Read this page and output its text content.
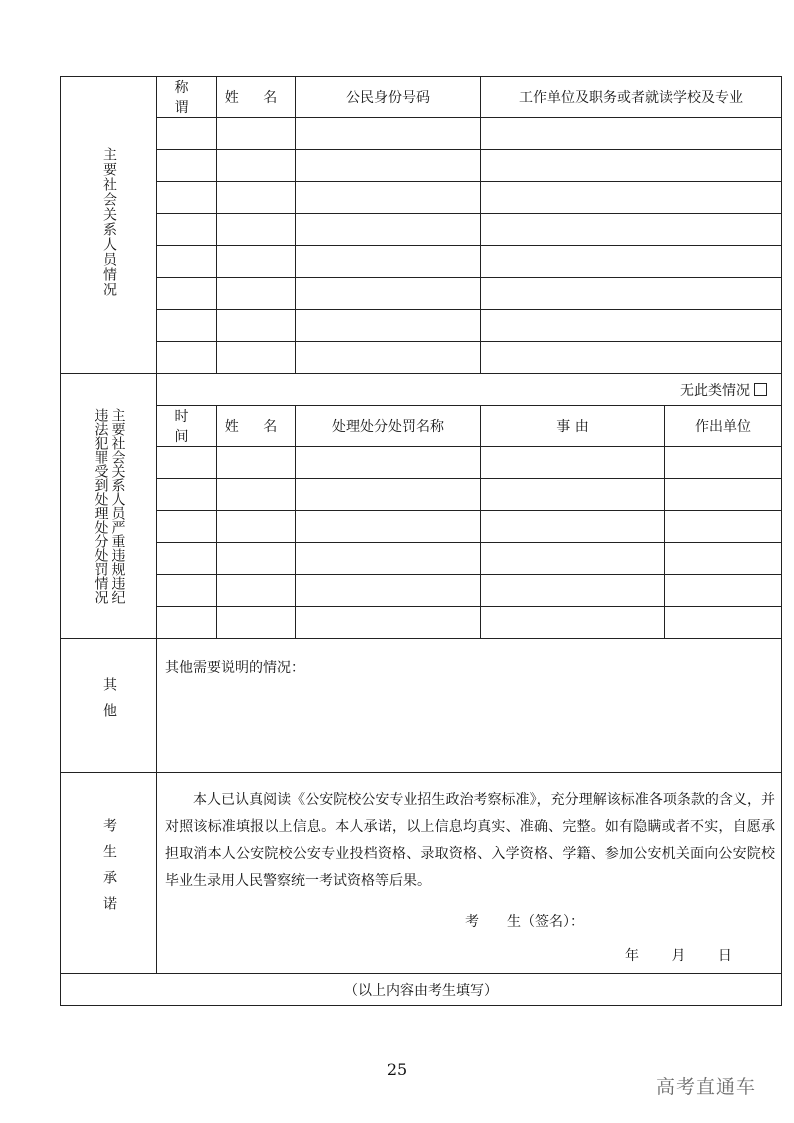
主要社会关系人员情况	称 谓	姓 名	公民身份号码	工作单位及职务或者就读学校及专业	

主要社会关系人员严重违规违纪
违法犯罪受到处理处分处罚情况	无此类情况				
	时 间	姓 名	处理处分处罚名称	事 由	作出单位

其他	其他需要说明的情况：				
考生承诺	本人已认真阅读《公安院校公安专业招生政治考察标准》，充分理解该标准各项条款的含义，并对照该标准填报以上信息。本人承诺，以上信息均真实、准确、完整。如有隐瞒或者不实，自愿承担取消本人公安院校公安专业投档资格、录取资格、入学资格、学籍、参加公安机关面向公安院校毕业生录用人民警察统一考试资格等后果。

考　　生（签名）：
年 月 日				

（以上内容由考生填写）					
25
高考直通车
